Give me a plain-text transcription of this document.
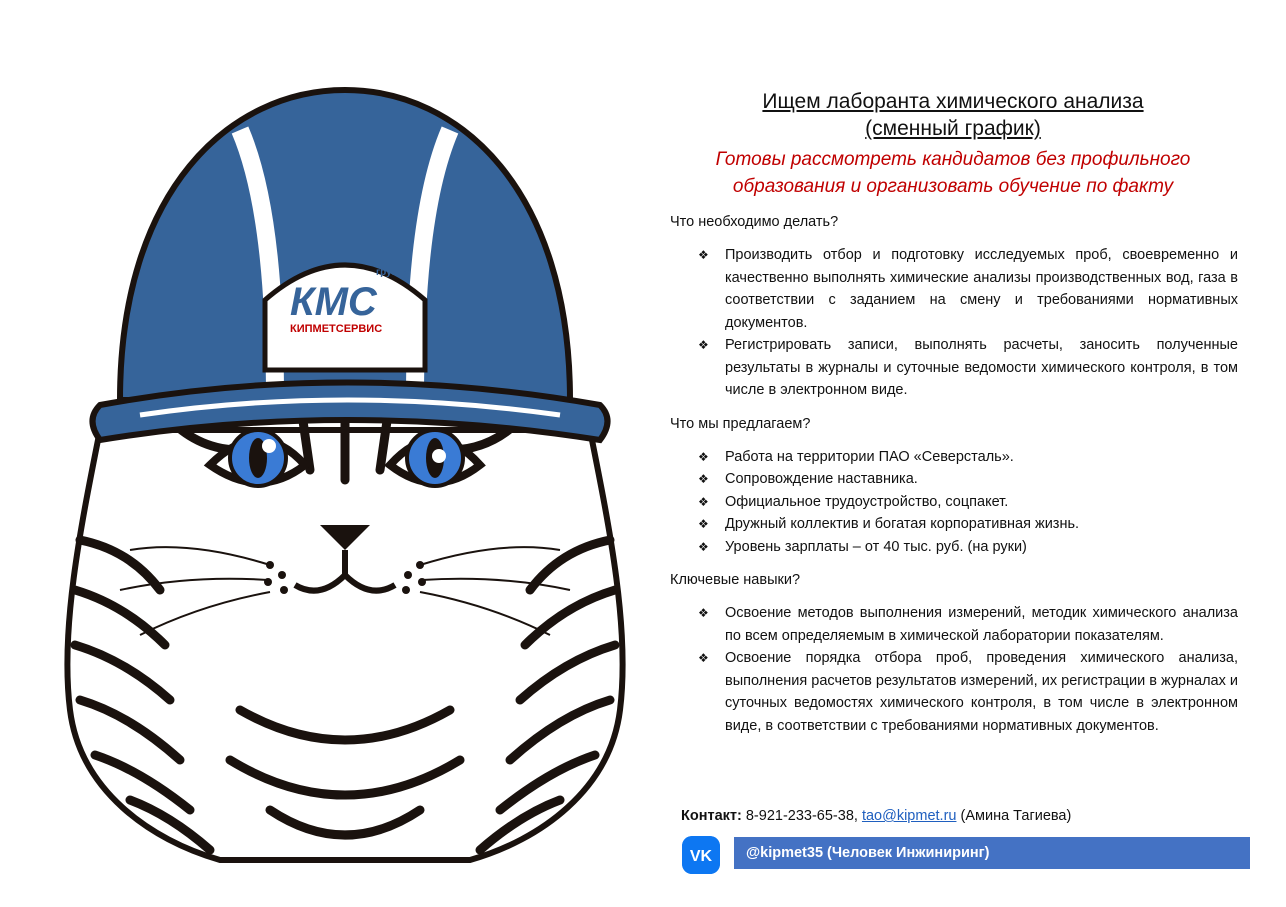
группа
КМС
КИПМЕТСЕРВИС
Ищем лаборанта химического анализа
(сменный график)

Готовы рассмотреть кандидатов без профильного
образования и организовать обучение по факту

Что необходимо делать?
❖ Производить отбор и подготовку исследуемых проб, своевременно и качественно выполнять химические анализы производственных вод, газа в соответствии с заданием на смену и требованиями нормативных документов.
❖ Регистрировать записи, выполнять расчеты, заносить полученные результаты в журналы и суточные ведомости химического контроля, в том числе в электронном виде.
Что мы предлагаем?
❖ Работа на территории ПАО «Северсталь».
❖ Сопровождение наставника.
❖ Официальное трудоустройство, соцпакет.
❖ Дружный коллектив и богатая корпоративная жизнь.
❖ Уровень зарплаты – от 40 тыс. руб. (на руки)
Ключевые навыки?
❖ Освоение методов выполнения измерений, методик химического анализа по всем определяемым в химической лаборатории показателям.
❖ Освоение порядка отбора проб, проведения химического анализа, выполнения расчетов результатов измерений, их регистрации в журналах и суточных ведомостях химического контроля, в том числе в электронном виде, в соответствии с требованиями нормативных документов.
Контакт: 8-921-233-65-38, tao@kipmet.ru (Амина Тагиева)
VK	@kipmet35 (Человек Инжиниринг)
